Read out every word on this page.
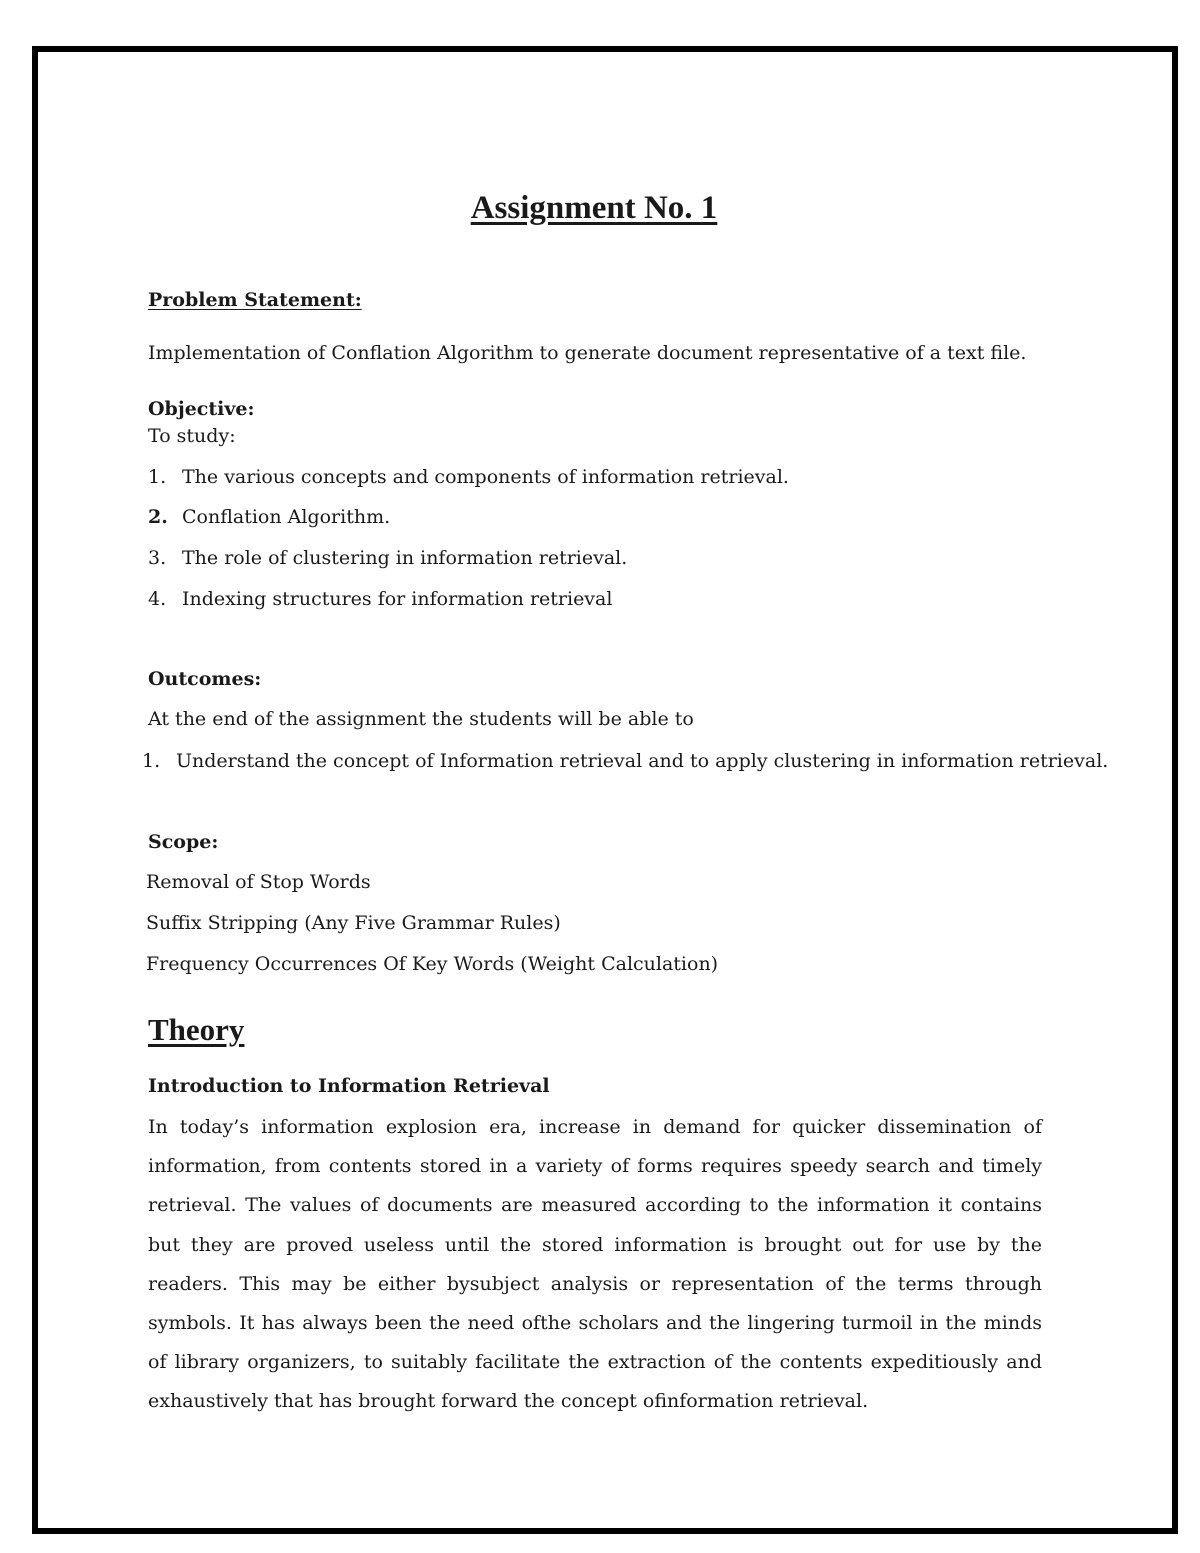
Assignment No. 1
Problem Statement:
Implementation of Conflation Algorithm to generate document representative of a text file.
Objective:
To study:
1. The various concepts and components of information retrieval.
2. Conflation Algorithm.
3. The role of clustering in information retrieval.
4. Indexing structures for information retrieval
Outcomes:
At the end of the assignment the students will be able to
1. Understand the concept of Information retrieval and to apply clustering in information retrieval.
Scope:
Removal of Stop Words
Suffix Stripping (Any Five Grammar Rules)
Frequency Occurrences Of Key Words (Weight Calculation)
Theory
Introduction to Information Retrieval
In today’s information explosion era, increase in demand for quicker dissemination of information, from contents stored in a variety of forms requires speedy search and timely retrieval. The values of documents are measured according to the information it contains but they are proved useless until the stored information is brought out for use by the readers. This may be either bysubject analysis or representation of the terms through symbols. It has always been the need ofthe scholars and the lingering turmoil in the minds of library organizers, to suitably facilitate the extraction of the contents expeditiously and exhaustively that has brought forward the concept ofinformation retrieval.
